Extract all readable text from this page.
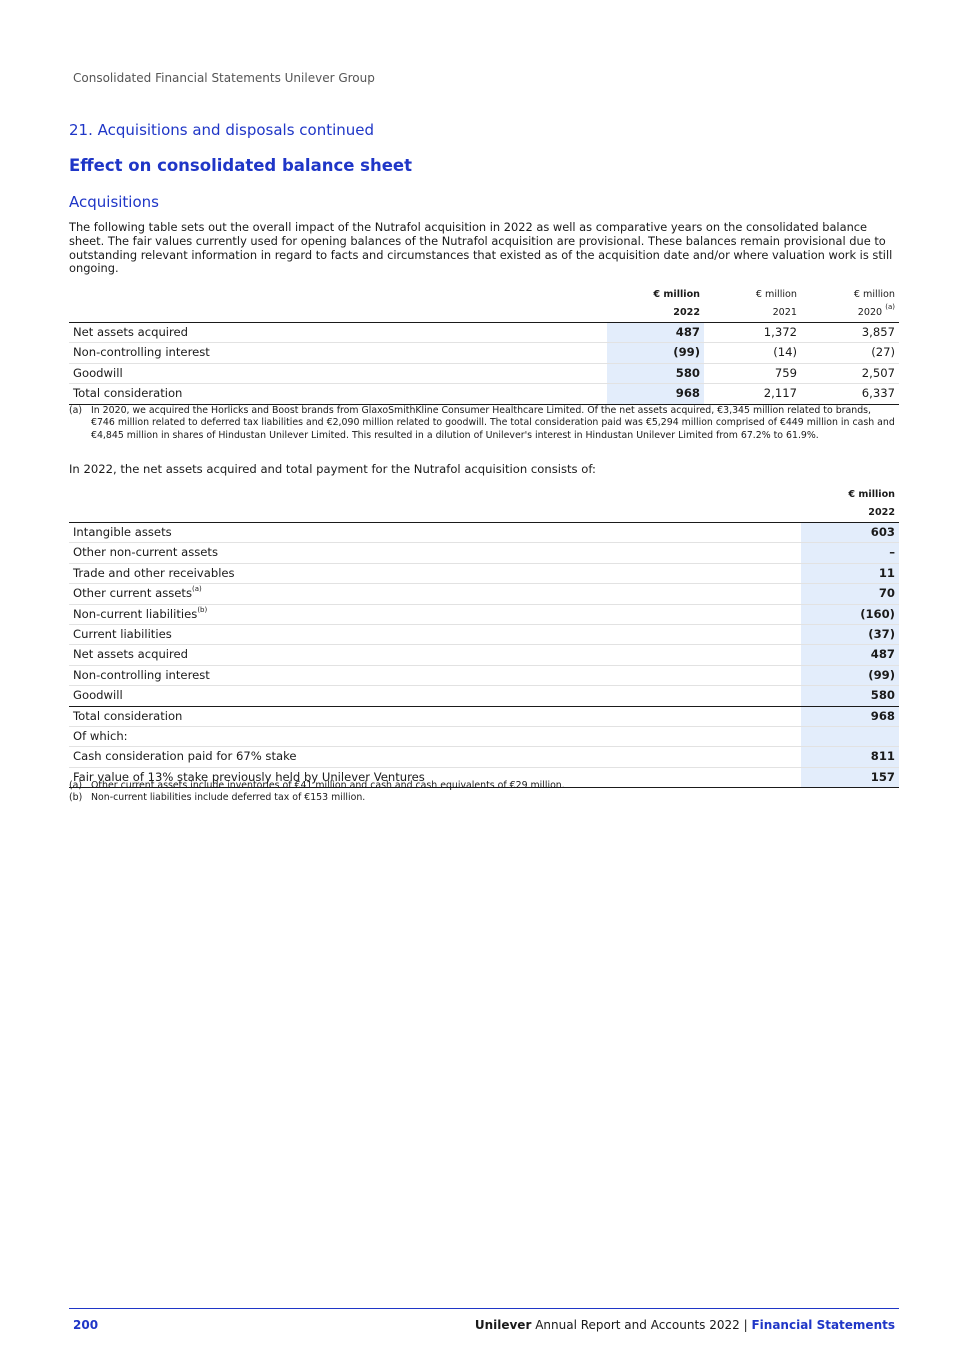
Consolidated Financial Statements Unilever Group
21. Acquisitions and disposals continued
Effect on consolidated balance sheet
Acquisitions
The following table sets out the overall impact of the Nutrafol acquisition in 2022 as well as comparative years on the consolidated balance sheet. The fair values currently used for opening balances of the Nutrafol acquisition are provisional. These balances remain provisional due to outstanding relevant information in regard to facts and circumstances that existed as of the acquisition date and/or where valuation work is still ongoing.
	€ million	€ million	€ million
	2022	2021	2020 $^{(a)}$
Net assets acquired	487	1,372	3,857
Non-controlling interest	(99)	(14)	(27)
Goodwill	580	759	2,507
Total consideration	968	2,117	6,337
(a) In 2020, we acquired the Horlicks and Boost brands from GlaxoSmithKline Consumer Healthcare Limited. Of the net assets acquired, €3,345 million related to brands, €746 million related to deferred tax liabilities and €2,090 million related to goodwill. The total consideration paid was €5,294 million comprised of €449 million in cash and €4,845 million in shares of Hindustan Unilever Limited. This resulted in a dilution of Unilever's interest in Hindustan Unilever Limited from 67.2% to 61.9%.
In 2022, the net assets acquired and total payment for the Nutrafol acquisition consists of:
	€ million
	2022
Intangible assets	603
Other non-current assets	–
Trade and other receivables	11
Other current assets$^{(a)}$	70
Non-current liabilities$^{(b)}$	(160)
Current liabilities	(37)
Net assets acquired	487
Non-controlling interest	(99)
Goodwill	580
Total consideration	968
Of which:	
Cash consideration paid for 67% stake	811
Fair value of 13% stake previously held by Unilever Ventures	157
(a) Other current assets include inventories of €41 million and cash and cash equivalents of €29 million.
(b) Non-current liabilities include deferred tax of €153 million.
200	Unilever Annual Report and Accounts 2022 | Financial Statements
